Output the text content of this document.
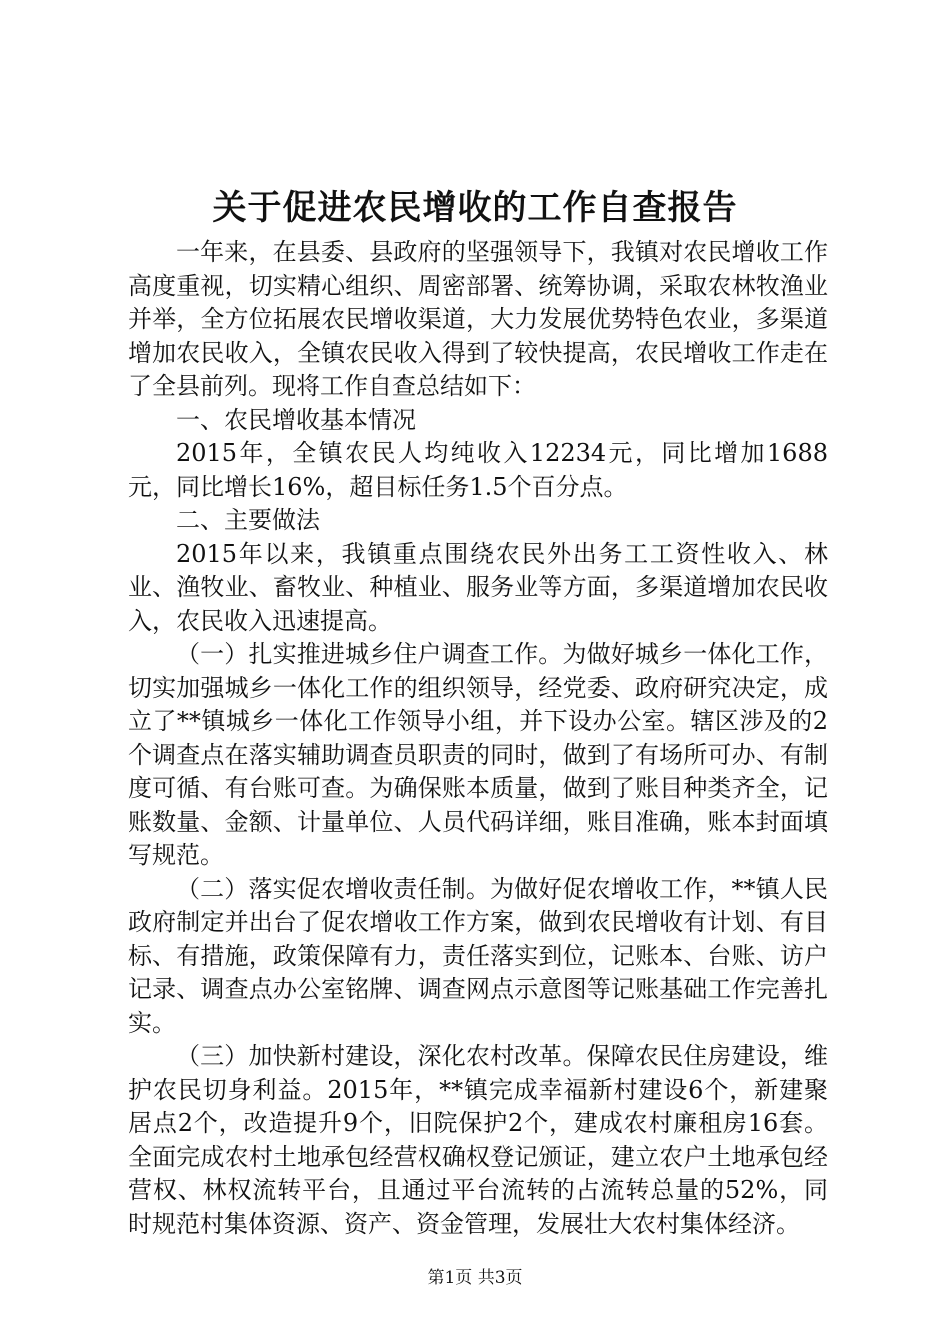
关于促进农民增收的工作自查报告

一年来，在县委、县政府的坚强领导下，我镇对农民增收工作高度重视，切实精心组织、周密部署、统筹协调，采取农林牧渔业并举，全方位拓展农民增收渠道，大力发展优势特色农业，多渠道增加农民收入，全镇农民收入得到了较快提高，农民增收工作走在了全县前列。现将工作自查总结如下：

一、农民增收基本情况

2015年，全镇农民人均纯收入12234元，同比增加1688元，同比增长16%，超目标任务1.5个百分点。

二、主要做法

2015年以来，我镇重点围绕农民外出务工工资性收入、林业、渔牧业、畜牧业、种植业、服务业等方面，多渠道增加农民收入，农民收入迅速提高。

（一）扎实推进城乡住户调查工作。为做好城乡一体化工作，切实加强城乡一体化工作的组织领导，经党委、政府研究决定，成立了**镇城乡一体化工作领导小组，并下设办公室。辖区涉及的2个调查点在落实辅助调查员职责的同时，做到了有场所可办、有制度可循、有台账可查。为确保账本质量，做到了账目种类齐全，记账数量、金额、计量单位、人员代码详细，账目准确，账本封面填写规范。

（二）落实促农增收责任制。为做好促农增收工作，**镇人民政府制定并出台了促农增收工作方案，做到农民增收有计划、有目标、有措施，政策保障有力，责任落实到位，记账本、台账、访户记录、调查点办公室铭牌、调查网点示意图等记账基础工作完善扎实。

（三）加快新村建设，深化农村改革。保障农民住房建设，维护农民切身利益。2015年，**镇完成幸福新村建设6个，新建聚居点2个，改造提升9个，旧院保护2个，建成农村廉租房16套。全面完成农村土地承包经营权确权登记颁证，建立农户土地承包经营权、林权流转平台，且通过平台流转的占流转总量的52%，同时规范村集体资源、资产、资金管理，发展壮大农村集体经济。

第1页 共3页
